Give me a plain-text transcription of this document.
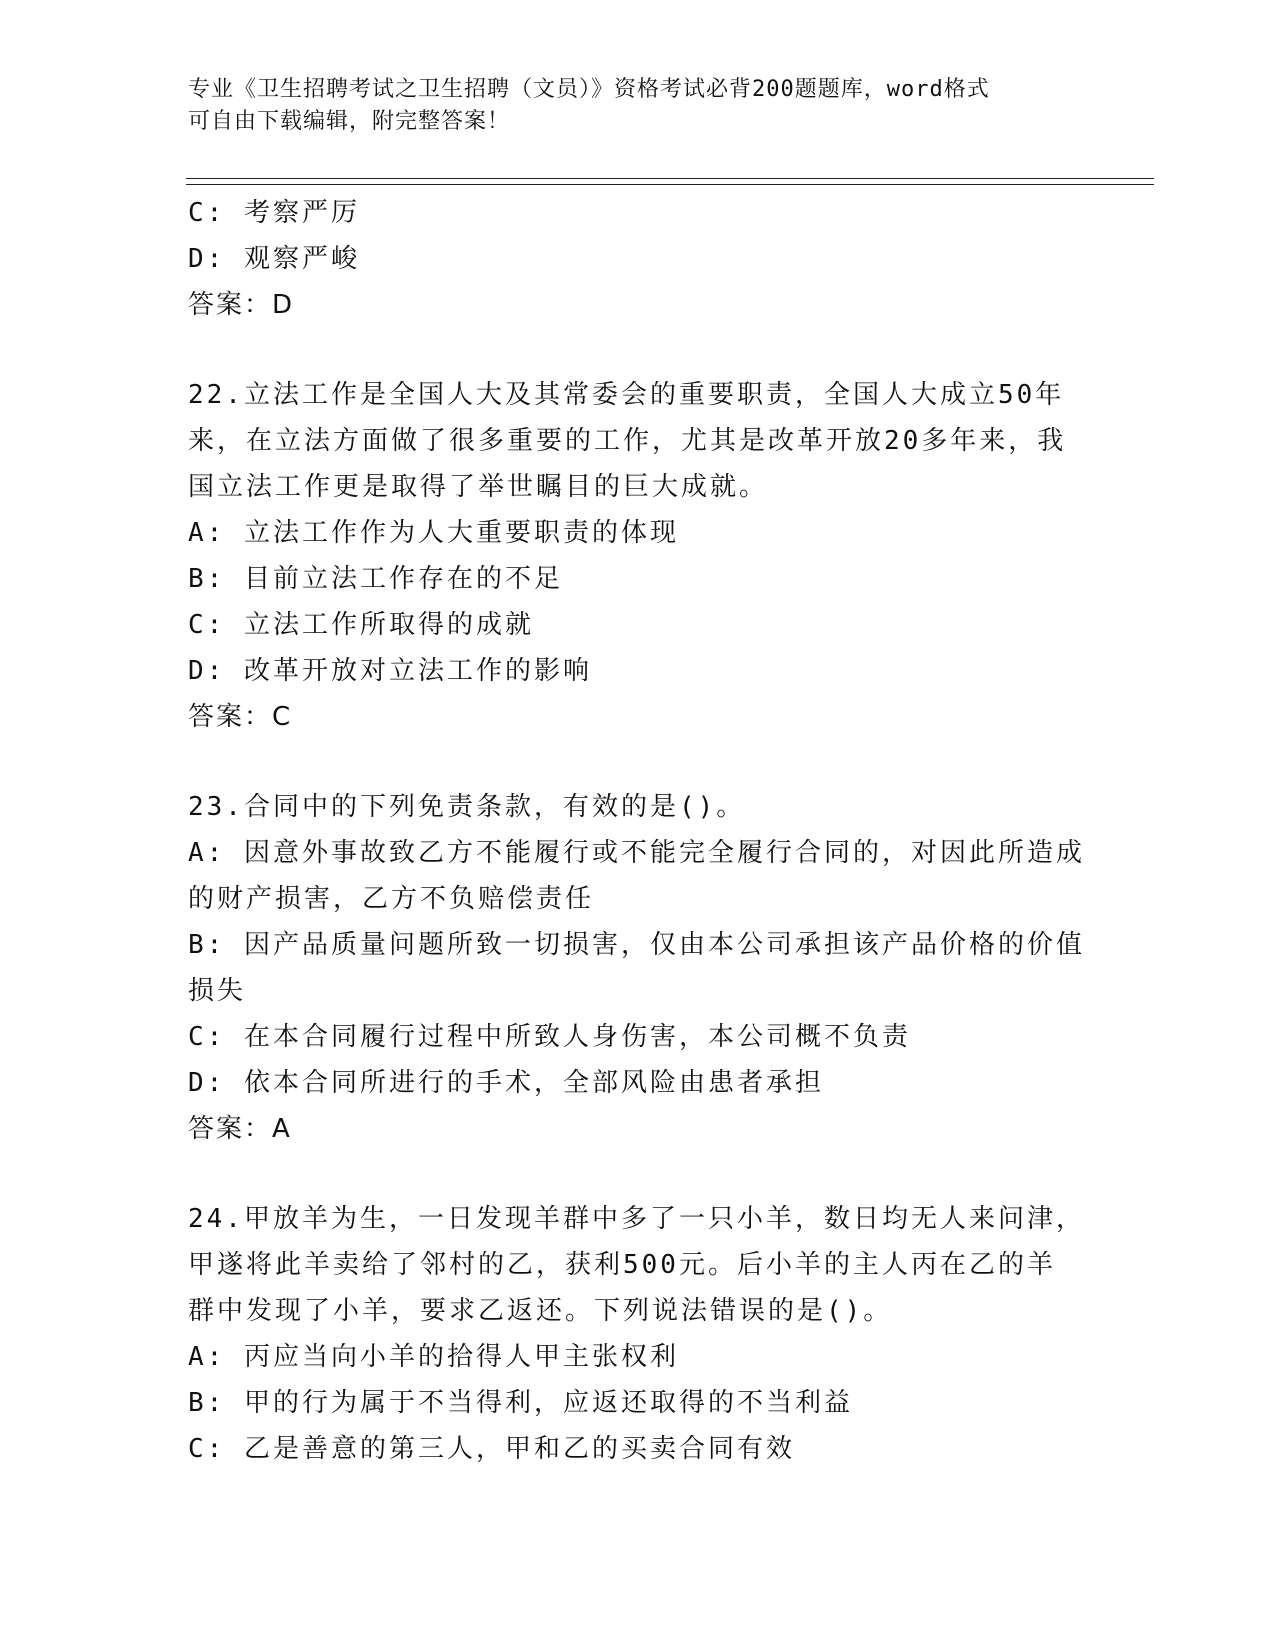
专业《卫生招聘考试之卫生招聘（文员）》资格考试必背200题题库，word格式
可自由下载编辑，附完整答案！
C: 考察严厉
D: 观察严峻
答案：D
22.立法工作是全国人大及其常委会的重要职责，全国人大成立50年
来，在立法方面做了很多重要的工作，尤其是改革开放20多年来，我
国立法工作更是取得了举世瞩目的巨大成就。
A: 立法工作作为人大重要职责的体现
B: 目前立法工作存在的不足
C: 立法工作所取得的成就
D: 改革开放对立法工作的影响
答案：C
23.合同中的下列免责条款，有效的是()。
A: 因意外事故致乙方不能履行或不能完全履行合同的，对因此所造成
的财产损害，乙方不负赔偿责任
B: 因产品质量问题所致一切损害，仅由本公司承担该产品价格的价值
损失
C: 在本合同履行过程中所致人身伤害，本公司概不负责
D: 依本合同所进行的手术，全部风险由患者承担
答案：A
24.甲放羊为生，一日发现羊群中多了一只小羊，数日均无人来问津，
甲遂将此羊卖给了邻村的乙，获利500元。后小羊的主人丙在乙的羊
群中发现了小羊，要求乙返还。下列说法错误的是()。
A: 丙应当向小羊的拾得人甲主张权利
B: 甲的行为属于不当得利，应返还取得的不当利益
C: 乙是善意的第三人，甲和乙的买卖合同有效
